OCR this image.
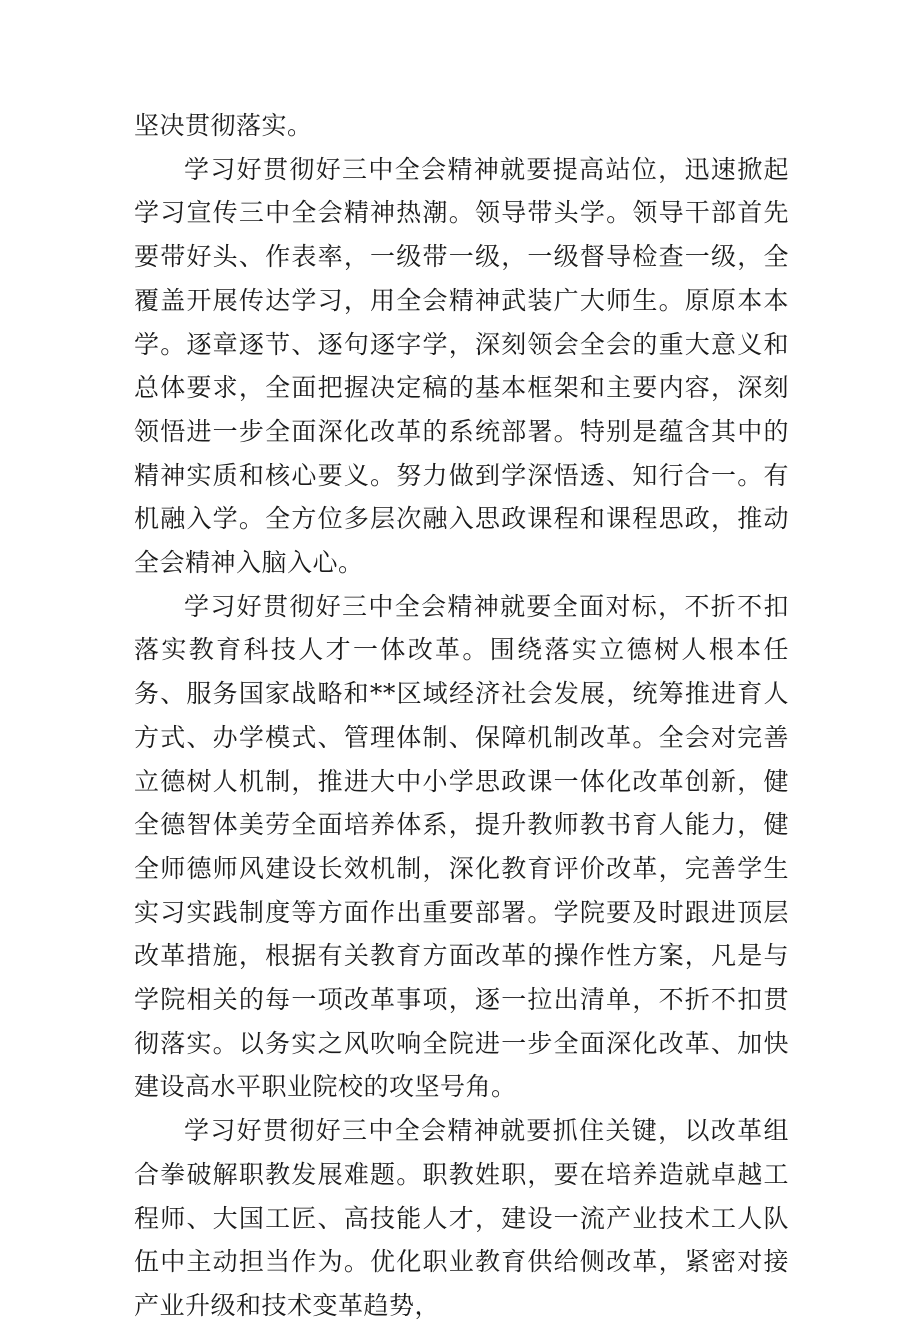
坚决贯彻落实。

学习好贯彻好三中全会精神就要提高站位，迅速掀起学习宣传三中全会精神热潮。领导带头学。领导干部首先要带好头、作表率，一级带一级，一级督导检查一级，全覆盖开展传达学习，用全会精神武装广大师生。原原本本学。逐章逐节、逐句逐字学，深刻领会全会的重大意义和总体要求，全面把握决定稿的基本框架和主要内容，深刻领悟进一步全面深化改革的系统部署。特别是蕴含其中的精神实质和核心要义。努力做到学深悟透、知行合一。有机融入学。全方位多层次融入思政课程和课程思政，推动全会精神入脑入心。

学习好贯彻好三中全会精神就要全面对标，不折不扣落实教育科技人才一体改革。围绕落实立德树人根本任务、服务国家战略和**区域经济社会发展，统筹推进育人方式、办学模式、管理体制、保障机制改革。全会对完善立德树人机制，推进大中小学思政课一体化改革创新，健全德智体美劳全面培养体系，提升教师教书育人能力，健全师德师风建设长效机制，深化教育评价改革，完善学生实习实践制度等方面作出重要部署。学院要及时跟进顶层改革措施，根据有关教育方面改革的操作性方案，凡是与学院相关的每一项改革事项，逐一拉出清单，不折不扣贯彻落实。以务实之风吹响全院进一步全面深化改革、加快建设高水平职业院校的攻坚号角。

学习好贯彻好三中全会精神就要抓住关键，以改革组合拳破解职教发展难题。职教姓职，要在培养造就卓越工程师、大国工匠、高技能人才，建设一流产业技术工人队伍中主动担当作为。优化职业教育供给侧改革，紧密对接产业升级和技术变革趋势，
